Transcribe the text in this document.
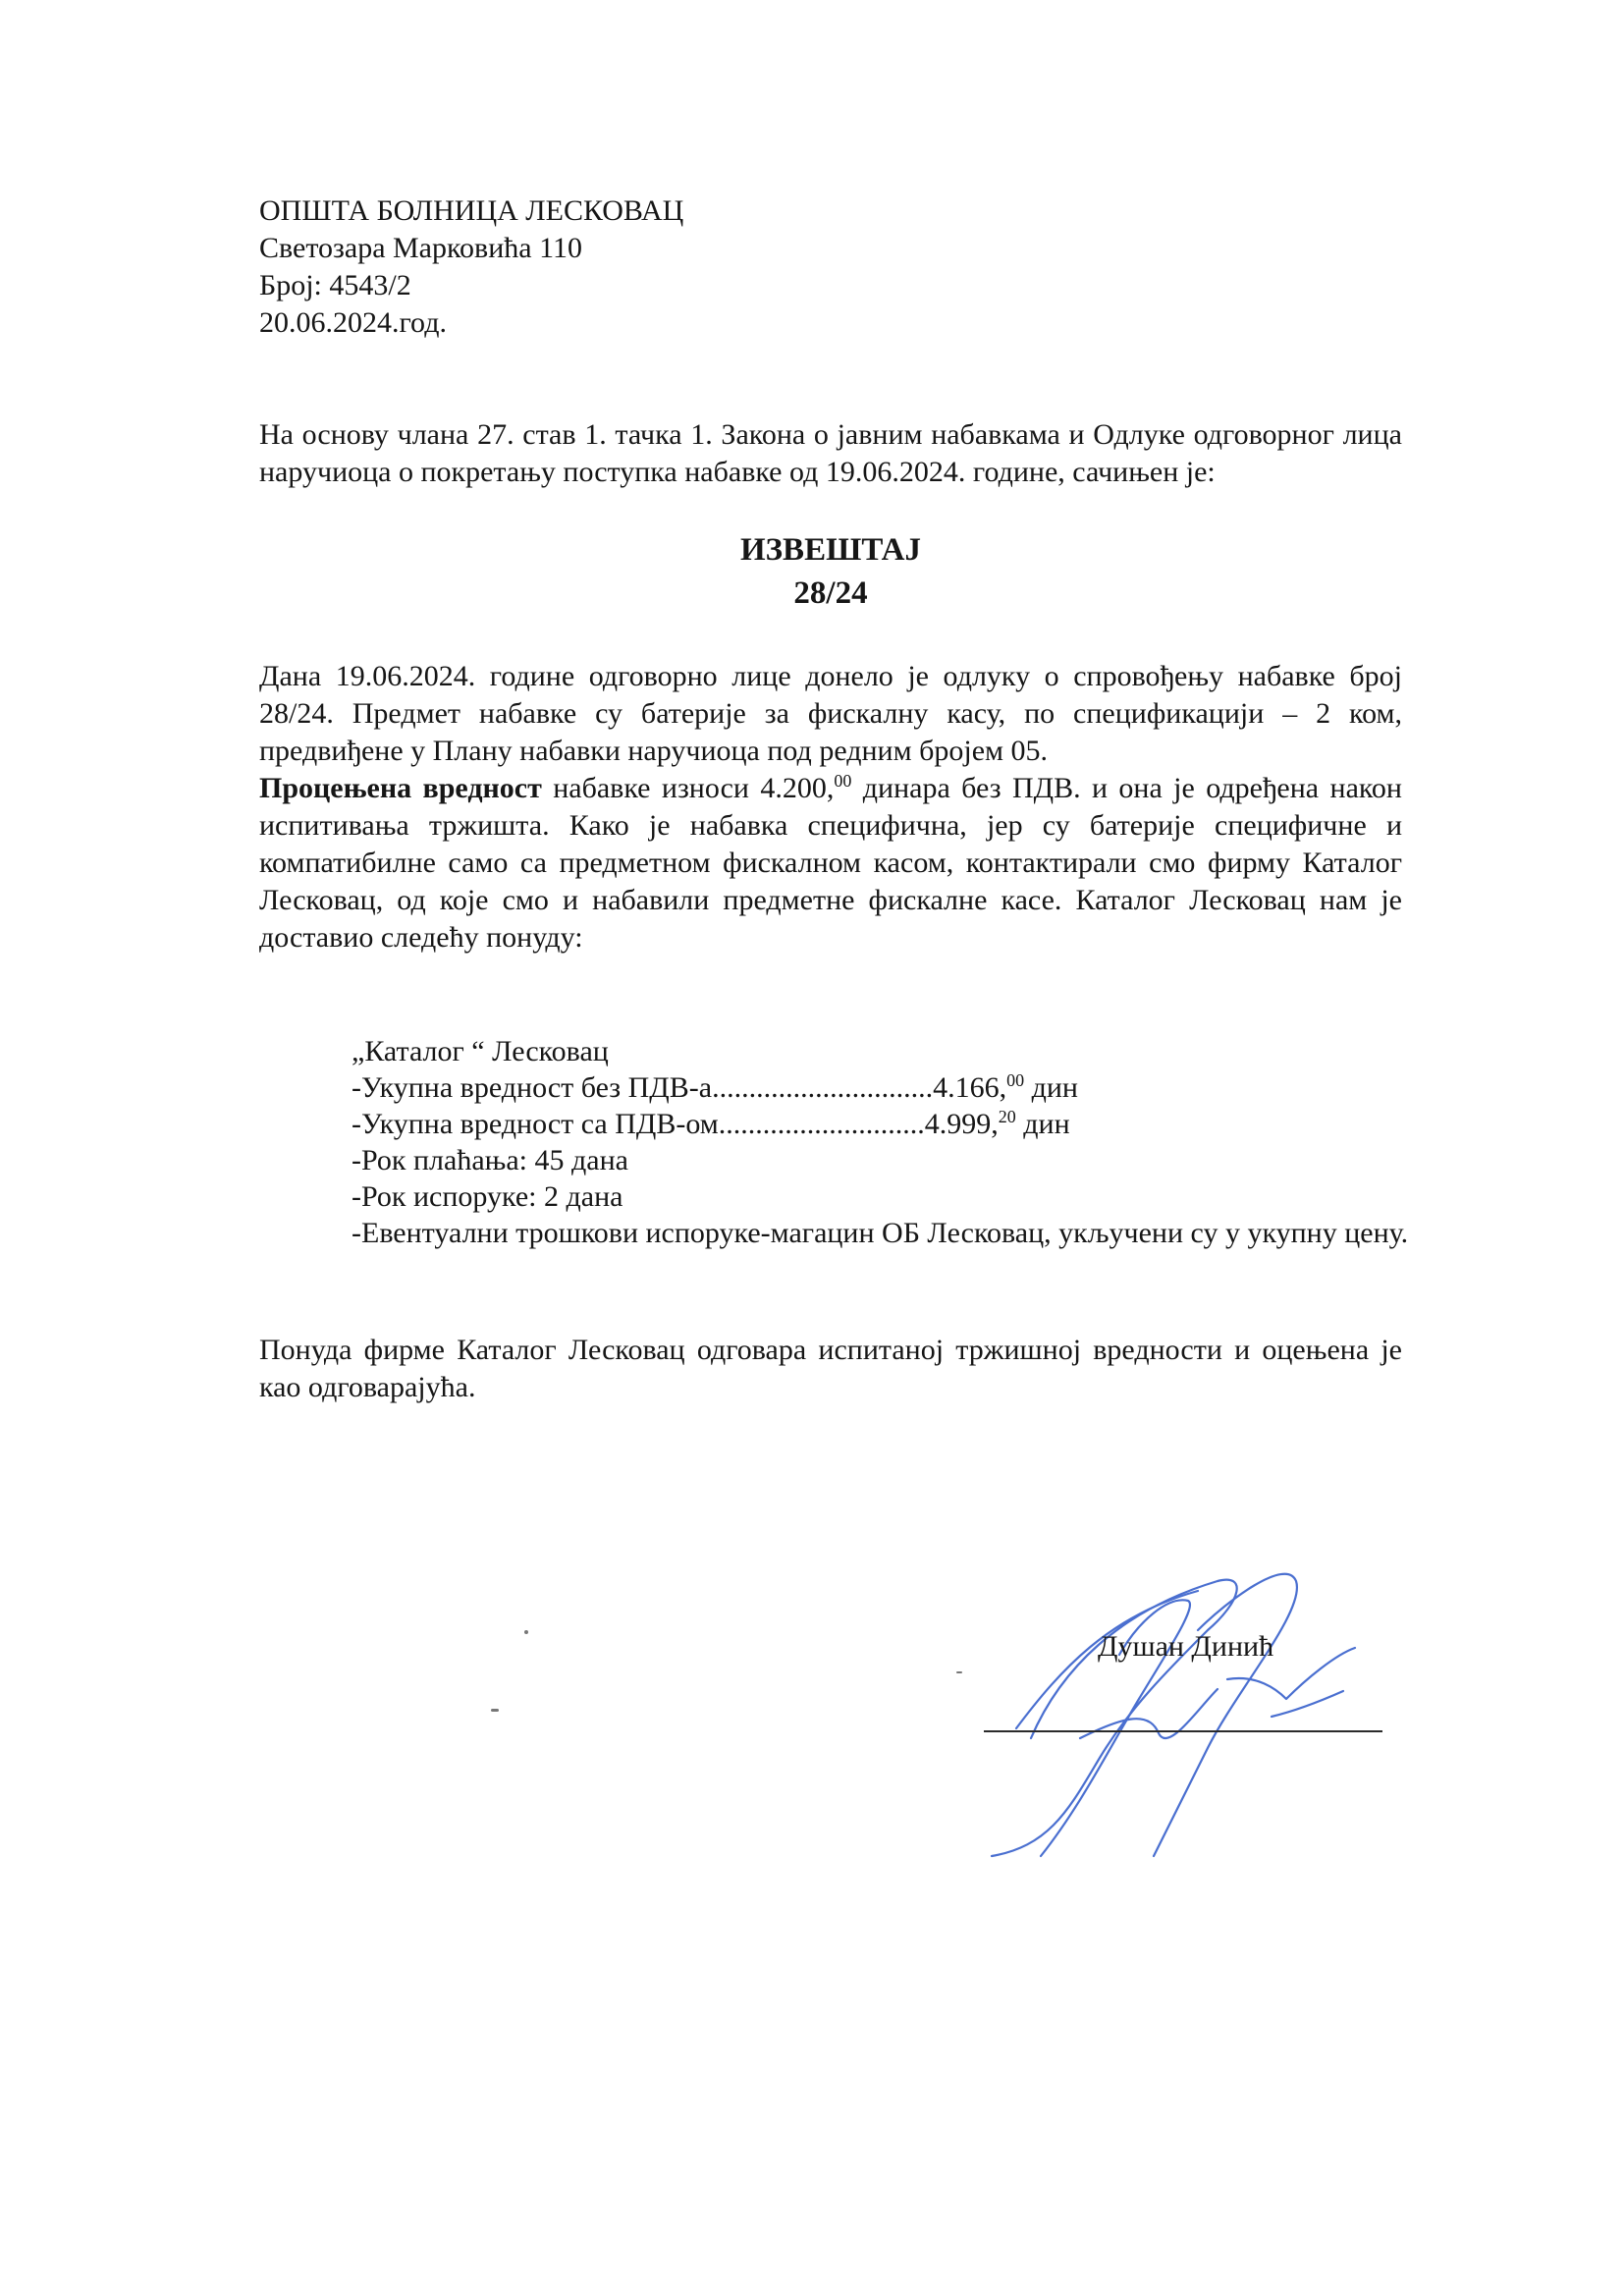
ОПШТА БОЛНИЦА ЛЕСКОВАЦ
Светозара Марковића 110
Број: 4543/2
20.06.2024.год.
На основу члана 27. став 1. тачка 1. Закона о јавним набавкама и Одлуке одговорног лица наручиоца о покретању поступка набавке од 19.06.2024. године, сачињен је:
ИЗВЕШТАЈ
28/24
Дана 19.06.2024. године одговорно лице донело је одлуку о спровођењу набавке број 28/24. Предмет набавке су батерије за фискалну касу, по спецификацији – 2 ком, предвиђене у Плану набавки наручиоца под редним бројем 05.
Процењена вредност набавке износи 4.200,00 динара без ПДВ. и она је одређена након испитивања тржишта. Како је набавка специфична, јер су батерије специфичне и компатибилне само са предметном фискалном касом, контактирали смо фирму Каталог Лесковац, од које смо и набавили предметне фискалне касе. Каталог Лесковац нам је доставио следећу понуду:
„Каталог “ Лесковац
-Укупна вредност без ПДВ-а..............................4.166,00 дин
-Укупна вредност са ПДВ-ом............................4.999,20 дин
-Рок плаћања: 45 дана
-Рок испоруке: 2 дана
-Евентуални трошкови испоруке-магацин ОБ Лесковац, укључени су у укупну цену.
Понуда фирме Каталог Лесковац одговара испитаној тржишној вредности и оцењена је као одговарајућа.
Душан Динић
